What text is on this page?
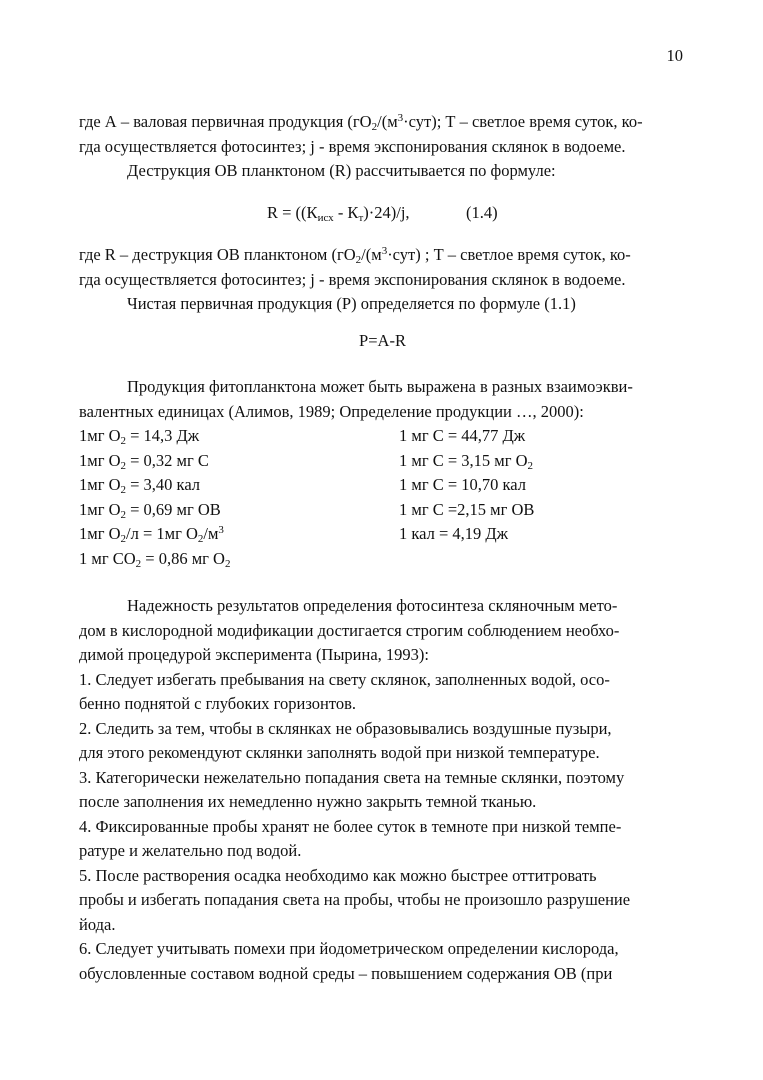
10

где А – валовая первичная продукция ($гО_2/(м^3\cdot сут)$; Т – светлое время суток, ко-

гда осуществляется фотосинтез; j - время экспонирования склянок в водоеме.

Деструкция ОВ планктоном (R) рассчитывается по формуле:

$R = ((К_{исх} - К_т)\cdot 24)/j$,	(1.4)

где R – деструкция ОВ планктоном ($гО_2/(м^3\cdot сут)$ ; Т – светлое время суток, ко-

гда осуществляется фотосинтез; j - время экспонирования склянок в водоеме.

Чистая первичная продукция (Р) определяется по формуле (1.1)

P=A-R

Продукция фитопланктона может быть выражена в разных взаимоэкви-

валентных единицах (Алимов, 1989; Определение продукции …, 2000):

1мг $О_2 = 14,3$ Дж	1 мг С = 44,77 Дж
1мг $О_2 = 0,32$ мг С	1 мг С = 3,15 мг $О_2$
1мг $О_2 = 3,40$ кал	1 мг С = 10,70 кал
1мг $О_2 = 0,69$ мг ОВ	1 мг С =2,15 мг ОВ
1мг $О_2/л = 1мг$ $О_2/м^3$	1 кал = 4,19 Дж
1 мг $СО_2 = 0,86$ мг $О_2$

Надежность результатов определения фотосинтеза скляночным мето-

дом в кислородной модификации достигается строгим соблюдением необхо-

димой процедурой эксперимента (Пырина, 1993):

1. Следует избегать пребывания на свету склянок, заполненных водой, осо-

бенно поднятой с глубоких горизонтов.

2. Следить за тем, чтобы в склянках не образовывались воздушные пузыри,

для этого рекомендуют склянки заполнять водой при низкой температуре.

3. Категорически нежелательно попадания света на темные склянки, поэтому

после заполнения их немедленно нужно закрыть темной тканью.

4. Фиксированные пробы хранят не более суток в темноте при низкой темпе-

ратуре и желательно под водой.

5. После растворения осадка необходимо как можно быстрее оттитровать

пробы и избегать попадания света на пробы, чтобы не произошло разрушение

йода.

6. Следует учитывать помехи при йодометрическом определении кислорода,

обусловленные составом водной среды – повышением содержания ОВ (при
